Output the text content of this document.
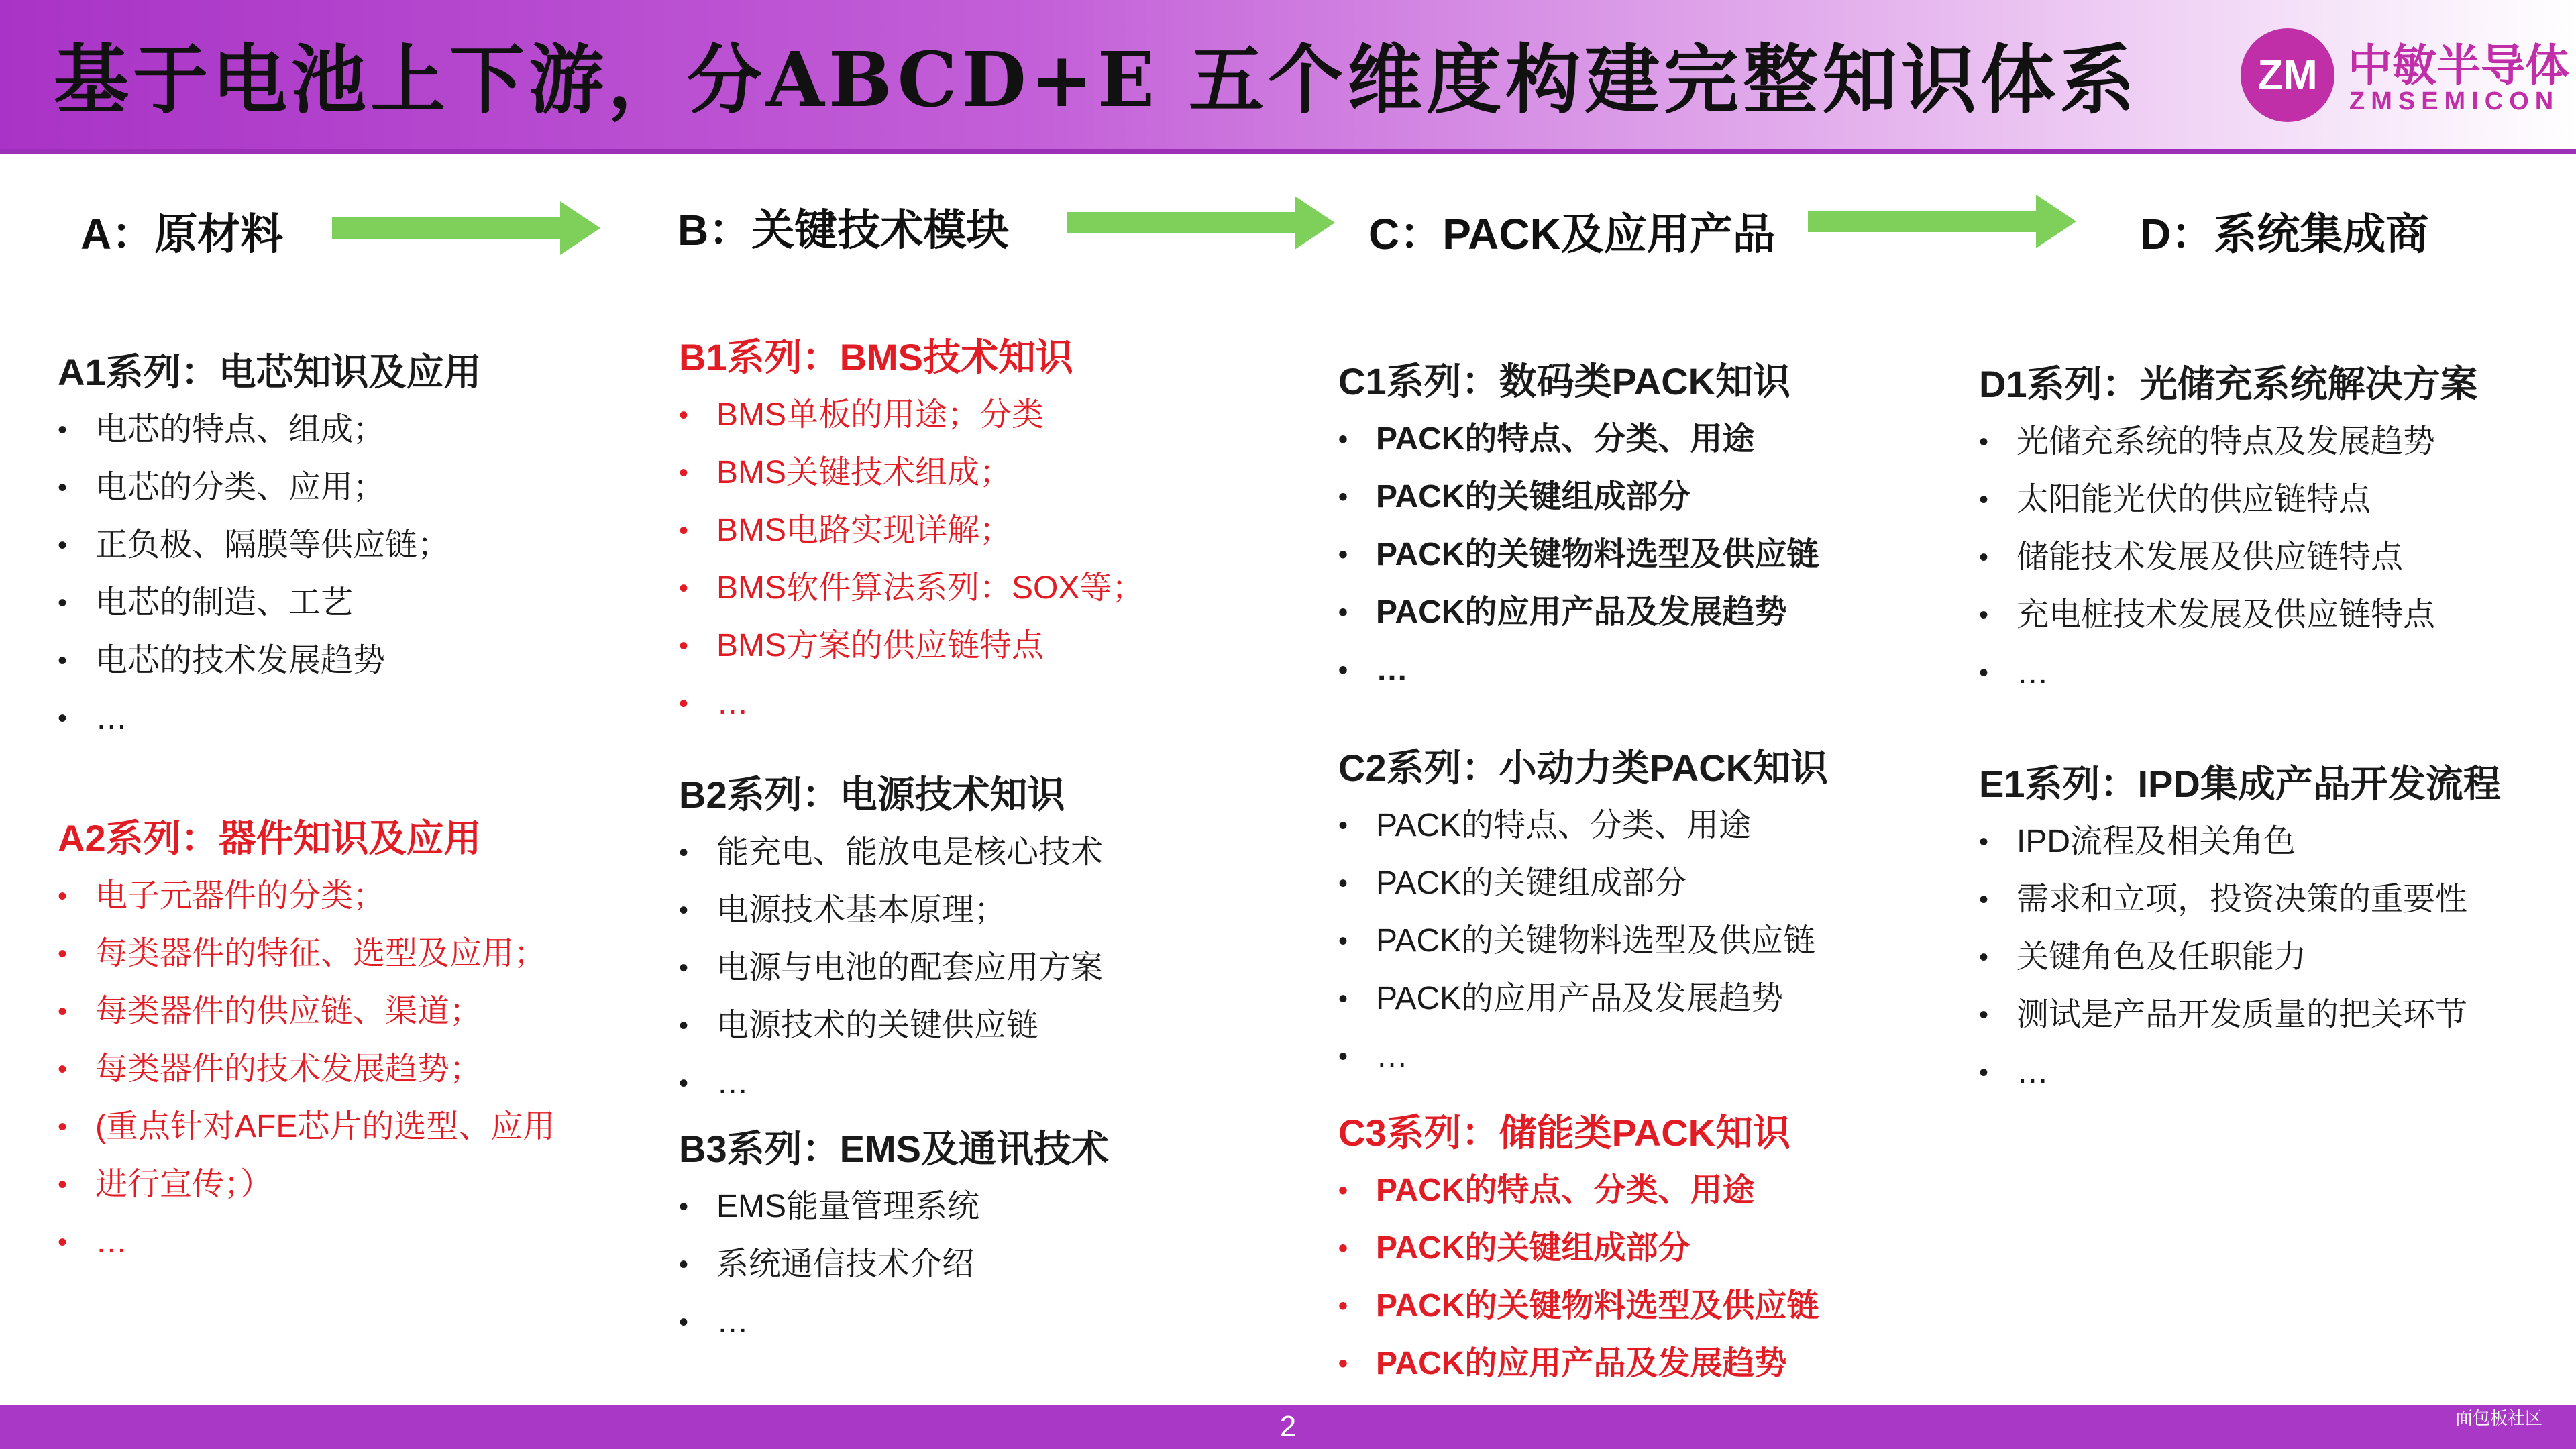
基于电池上下游，分ABCD+E 五个维度构建完整知识体系	ZM 中敏半导体
ZMSEMICON
A：原材料	B：关键技术模块	C：PACK及应用产品	D：系统集成商
A1系列：电芯知识及应用
• 电芯的特点、组成；
• 电芯的分类、应用；
• 正负极、隔膜等供应链；
• 电芯的制造、工艺
• 电芯的技术发展趋势
• …
A2系列：器件知识及应用
• 电子元器件的分类；
• 每类器件的特征、选型及应用；
• 每类器件的供应链、渠道；
• 每类器件的技术发展趋势；
• (重点针对AFE芯片的选型、应用
• 进行宣传；）
• …
B1系列：BMS技术知识
• BMS单板的用途；分类
• BMS关键技术组成；
• BMS电路实现详解；
• BMS软件算法系列：SOX等；
• BMS方案的供应链特点
• …
B2系列：电源技术知识
• 能充电、能放电是核心技术
• 电源技术基本原理；
• 电源与电池的配套应用方案
• 电源技术的关键供应链
• …
B3系列：EMS及通讯技术
• EMS能量管理系统
• 系统通信技术介绍
• …
C1系列：数码类PACK知识
• PACK的特点、分类、用途
• PACK的关键组成部分
• PACK的关键物料选型及供应链
• PACK的应用产品及发展趋势
• …
C2系列：小动力类PACK知识
• PACK的特点、分类、用途
• PACK的关键组成部分
• PACK的关键物料选型及供应链
• PACK的应用产品及发展趋势
• …
C3系列：储能类PACK知识
• PACK的特点、分类、用途
• PACK的关键组成部分
• PACK的关键物料选型及供应链
• PACK的应用产品及发展趋势
D1系列：光储充系统解决方案
• 光储充系统的特点及发展趋势
• 太阳能光伏的供应链特点
• 储能技术发展及供应链特点
• 充电桩技术发展及供应链特点
• …
E1系列：IPD集成产品开发流程
• IPD流程及相关角色
• 需求和立项，投资决策的重要性
• 关键角色及任职能力
• 测试是产品开发质量的把关环节
• …
2	面包板社区
